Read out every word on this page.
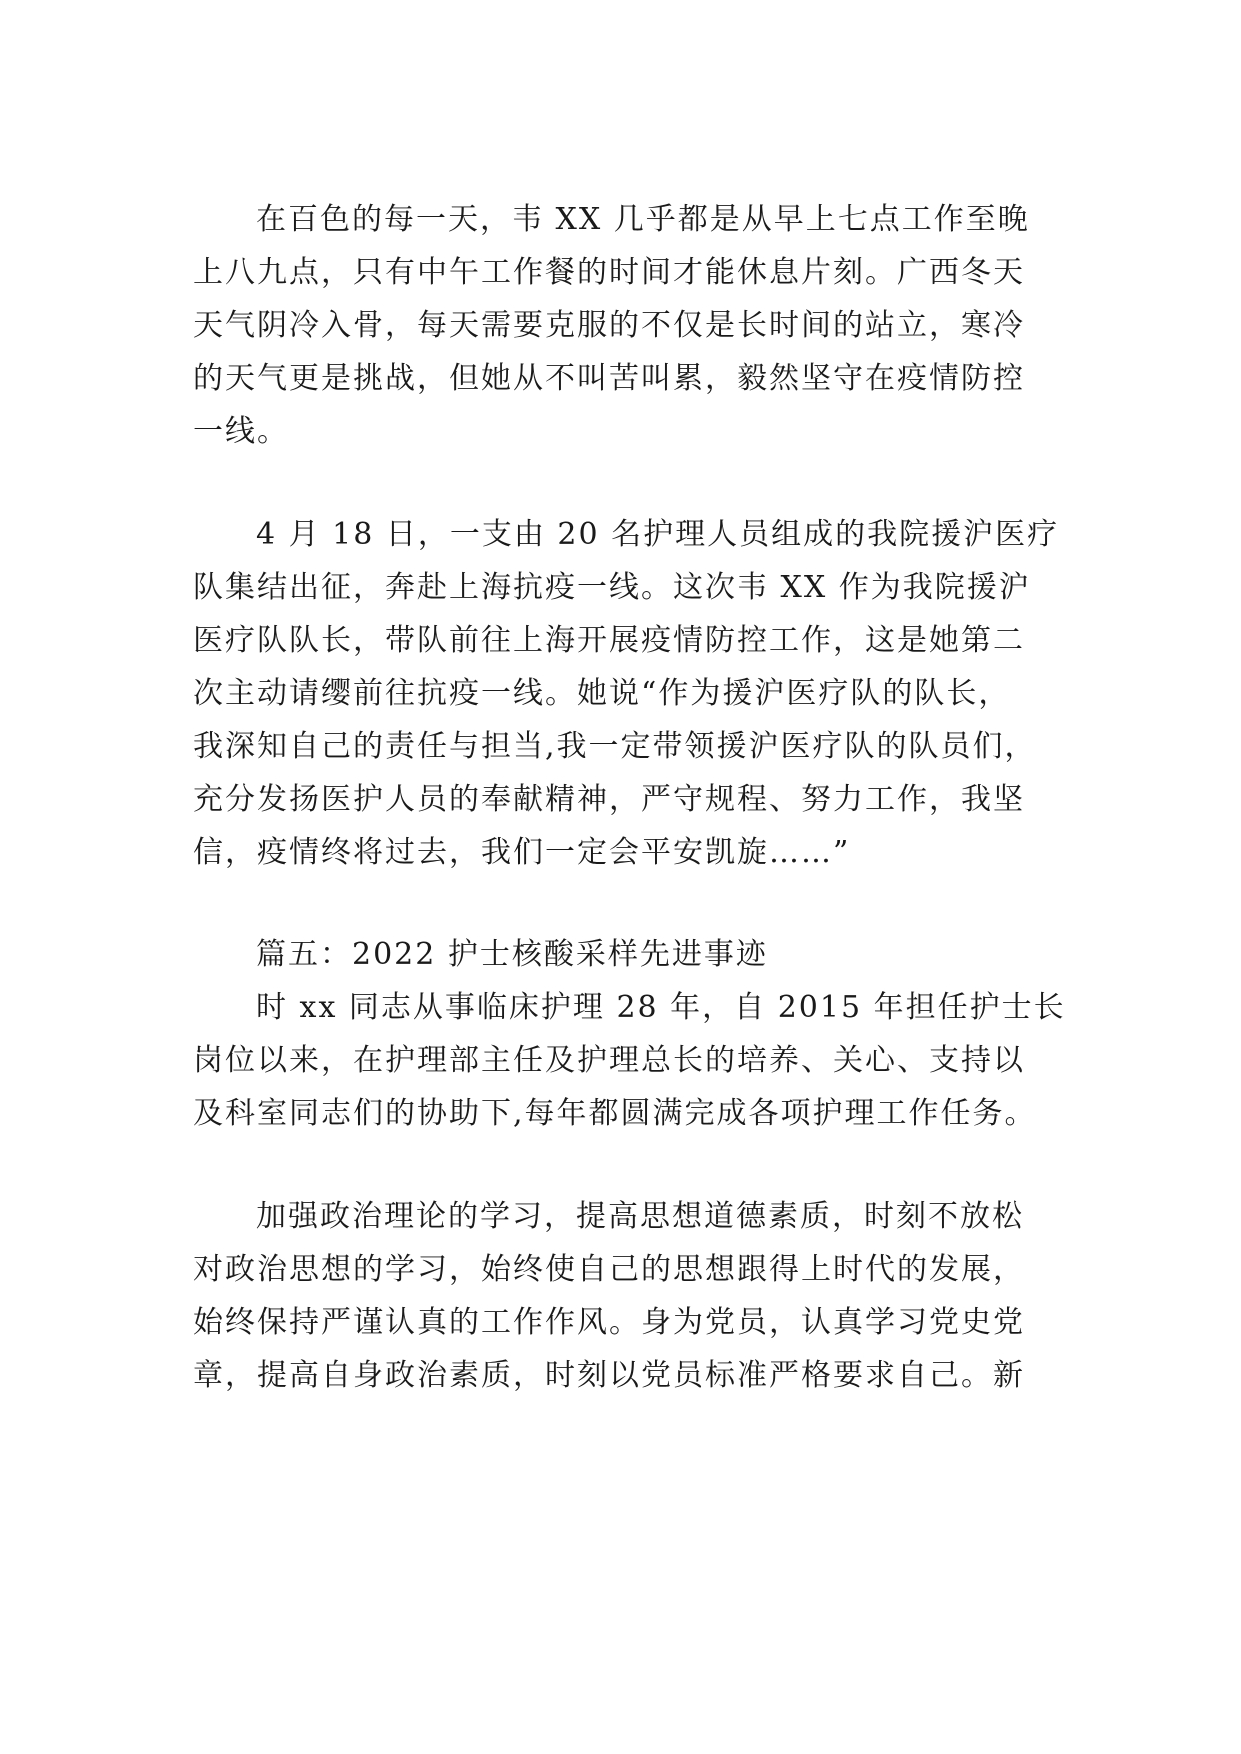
在百色的每一天，韦 XX 几乎都是从早上七点工作至晚
上八九点，只有中午工作餐的时间才能休息片刻。广西冬天
天气阴冷入骨，每天需要克服的不仅是长时间的站立，寒冷
的天气更是挑战，但她从不叫苦叫累，毅然坚守在疫情防控
一线。
4 月 18 日，一支由 20 名护理人员组成的我院援沪医疗
队集结出征，奔赴上海抗疫一线。这次韦 XX 作为我院援沪
医疗队队长，带队前往上海开展疫情防控工作，这是她第二
次主动请缨前往抗疫一线。她说“作为援沪医疗队的队长，
我深知自己的责任与担当,我一定带领援沪医疗队的队员们，
充分发扬医护人员的奉献精神，严守规程、努力工作，我坚
信，疫情终将过去，我们一定会平安凯旋……”
篇五：2022 护士核酸采样先进事迹
时 xx 同志从事临床护理 28 年，自 2015 年担任护士长
岗位以来，在护理部主任及护理总长的培养、关心、支持以
及科室同志们的协助下,每年都圆满完成各项护理工作任务。
加强政治理论的学习，提高思想道德素质，时刻不放松
对政治思想的学习，始终使自己的思想跟得上时代的发展，
始终保持严谨认真的工作作风。身为党员，认真学习党史党
章，提高自身政治素质，时刻以党员标准严格要求自己。新
